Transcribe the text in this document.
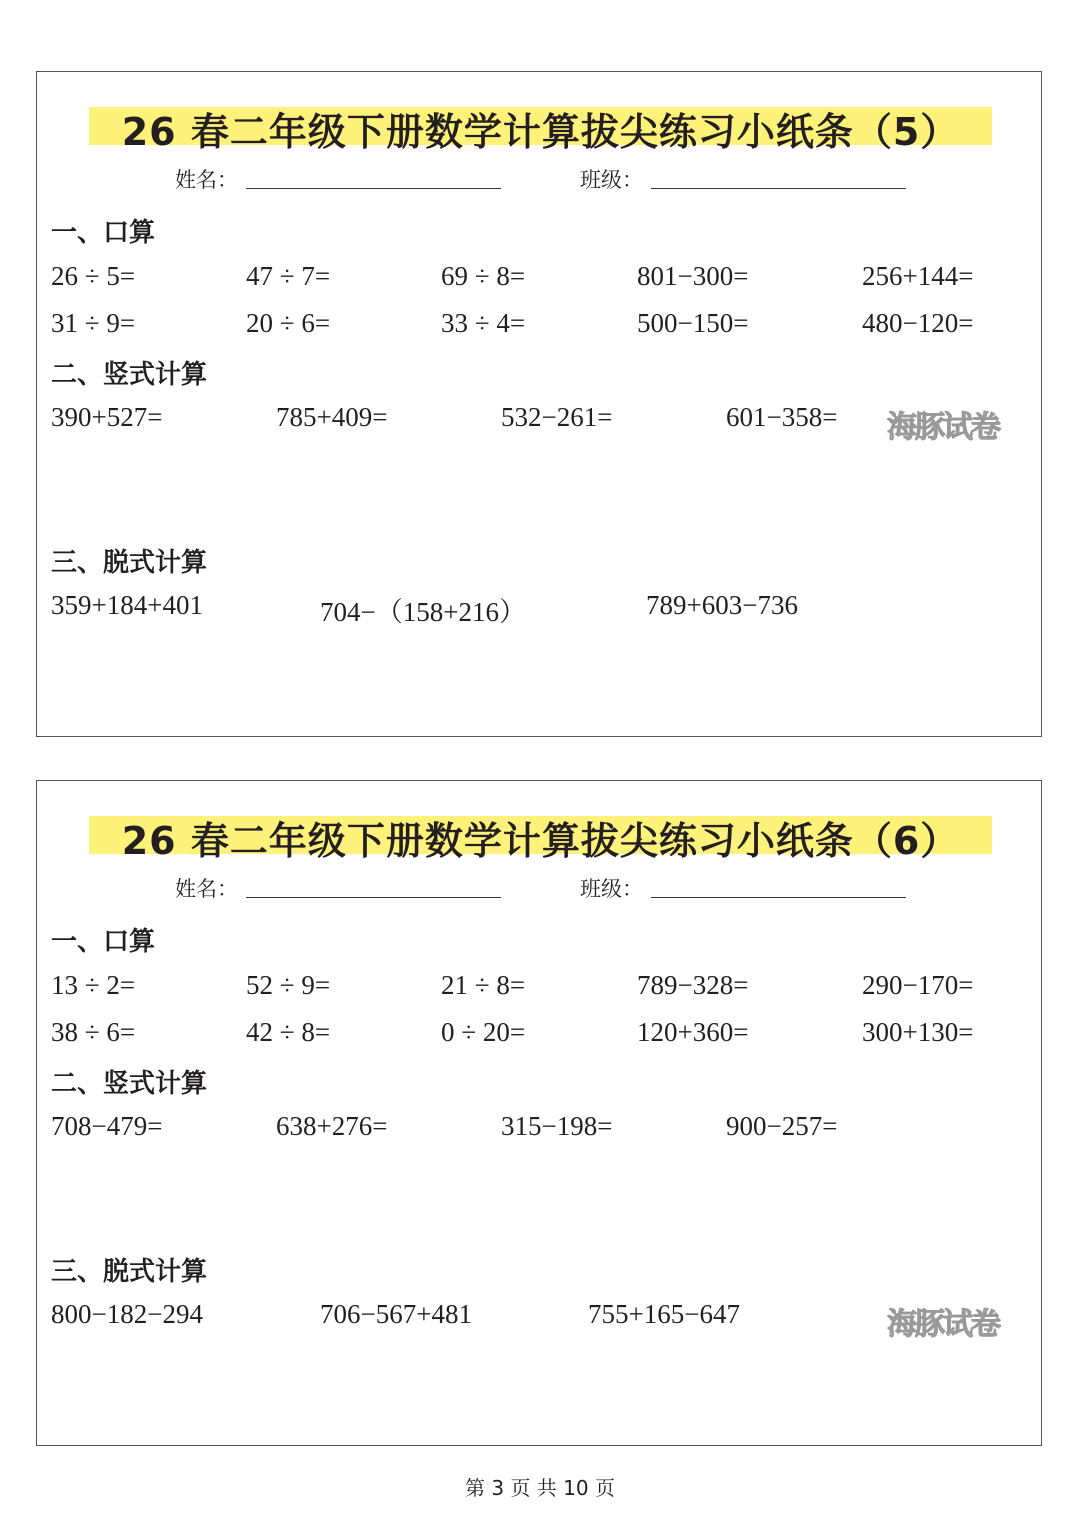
26 春二年级下册数学计算拔尖练习小纸条（5）
姓名：	班级：
一、口算
26 ÷ 5=	47 ÷ 7=	69 ÷ 8=	801−300=	256+144=
31 ÷ 9=	20 ÷ 6=	33 ÷ 4=	500−150=	480−120=
二、竖式计算
390+527=	785+409=	532−261=	601−358= 海豚试卷
三、脱式计算
359+184+401	704−（158+216）	789+603−736
26 春二年级下册数学计算拔尖练习小纸条（6）
姓名：	班级：
一、口算
13 ÷ 2=	52 ÷ 9=	21 ÷ 8=	789−328=	290−170=
38 ÷ 6=	42 ÷ 8=	0 ÷ 20=	120+360=	300+130=
二、竖式计算
708−479=	638+276=	315−198=	900−257=
三、脱式计算
800−182−294	706−567+481	755+165−647	海豚试卷
第 3 页 共 10 页
